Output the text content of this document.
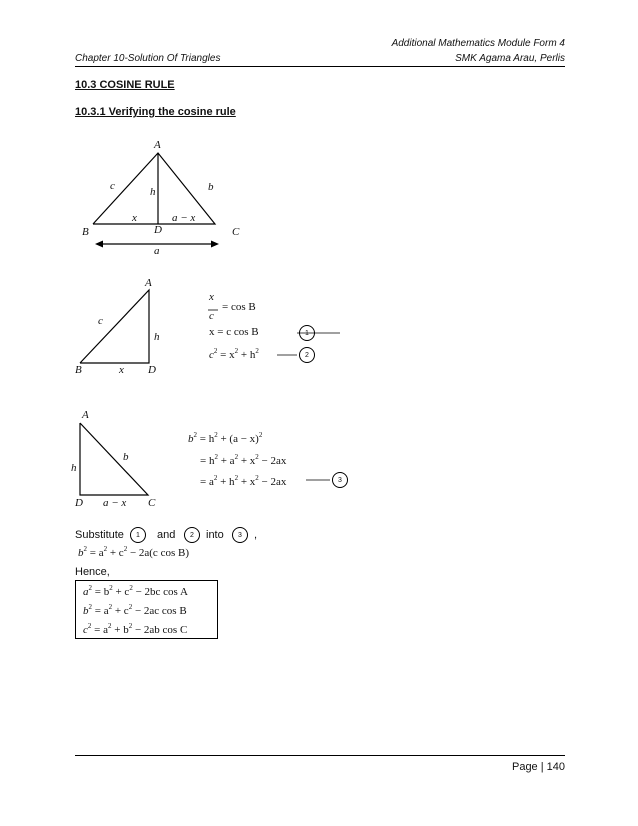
Additional Mathematics Module Form 4
Chapter 10-Solution Of Triangles	SMK Agama Arau, Perlis
10.3 COSINE RULE
10.3.1 Verifying the cosine rule
A
B	C
D
c	b
h
x	a − x
a
A
B	D
c
h
x
x
c
= cos B
x = c cos B
$c^2 = x^2 + h^2$
1
2
A
D	C
b
h
a − x
$b^2 = h^2 + (a - x)^2$
= $h^2 + a^2 + x^2 - 2ax$
= $a^2 + h^2 + x^2 - 2ax$	3
Substitute	1	and	2	into	3	,
$b^2 = a^2 + c^2 - 2a(c$ cos B)
Hence,
$a^2 = b^2 + c^2 - 2bc$ cos A
$b^2 = a^2 + c^2 - 2ac$ cos B
$c^2 = a^2 + b^2 - 2ab$ cos C
Page | 140
